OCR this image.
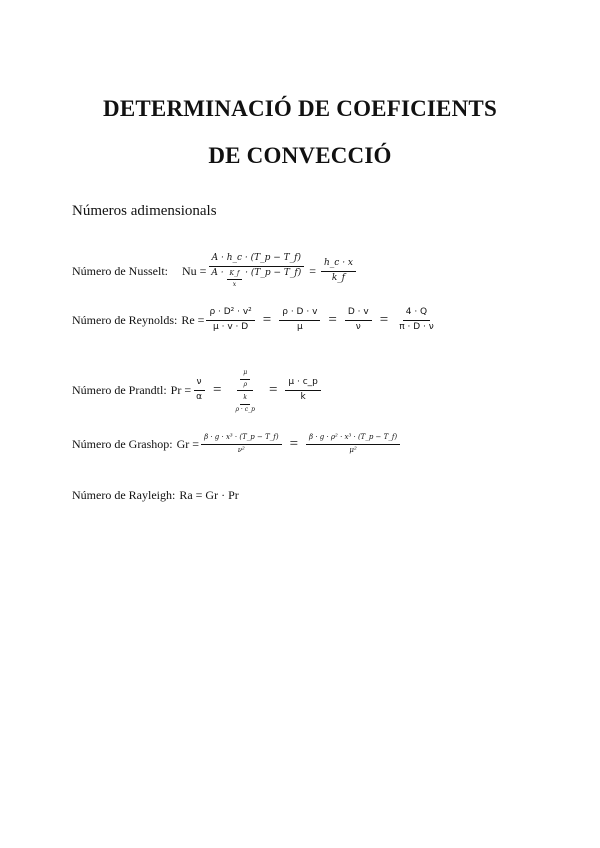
DETERMINACIÓ DE COEFICIENTS
DE CONVECCIÓ
Números adimensionals
Número de Nusselt: Nu =
A · h_c · (T_p − T_f)
$A \cdot \frac{K\_f}{x}$ · (T_p − T_f) = $\frac{h\_c \cdot x}{k\_f}$
Número de Reynolds: $Re = \frac{\text{ρ · D² · v²}}{\mu \cdot v \cdot D} = \frac{\rho \cdot D \cdot v}{\mu} = \frac{D \cdot v}{\nu} = \frac{4 \cdot Q}{\pi \cdot D \cdot \nu}$
Número de Prandtl: $Pr = \frac{\nu}{\alpha} = \frac{\frac{\mu}{\rho}}{\frac{k}{\rho \cdot c\_p}} = \frac{\mu \cdot c\_p}{k}$
Número de Grashop: $Gr = \frac{\text{β · g · x³ · (T\_p − T\_f)}}{\text{ν²}} = \frac{\text{β · g · ρ² · x³ · (T\_p − T\_f)}}{\text{μ²}}$
Número de Rayleigh: Ra = Gr · Pr
